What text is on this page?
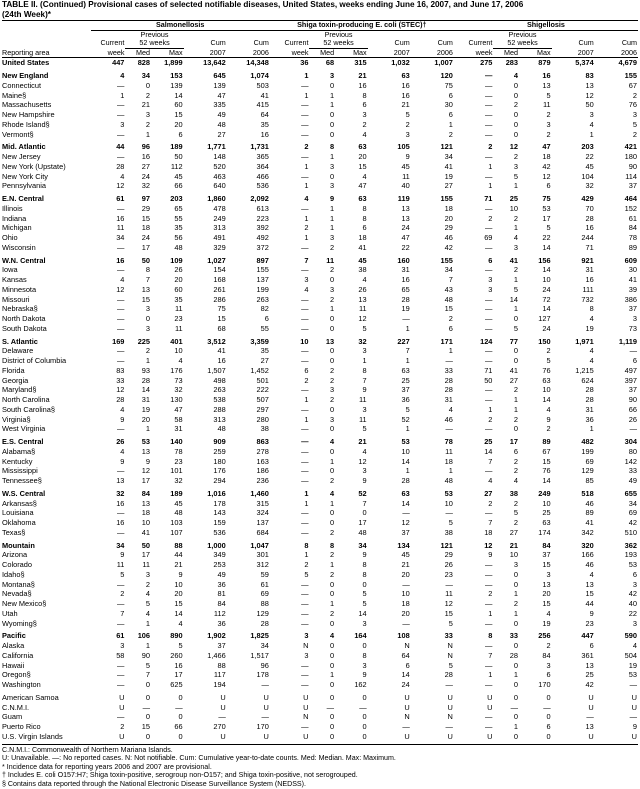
TABLE II. (Continued) Provisional cases of selected notifiable diseases, United States, weeks ending June 16, 2007, and June 17, 2006
(24th Week)*
	Salmonellosis					Shiga toxin-producing E. coli (STEC)†					Shigellosis				
		Previous					Previous					Previous			
	Current	52 weeks		Cum	Cum	Current	52 weeks		Cum	Cum	Current	52 weeks		Cum	Cum
Reporting area	week	Med	Max	2007	2006	week	Med	Max	2007	2006	week	Med	Max	2007	2006
United States	447	828	1,899	13,642	14,348	36	68	315	1,032	1,007	275	283	879	5,374	4,679

New England	4	34	153	645	1,074	1	3	21	63	120	—	4	16	83	155
Connecticut	—	0	139	139	503	—	0	16	16	75	—	0	13	13	67
Maine§	1	2	14	47	41	1	1	8	16	6	—	0	5	12	2
Massachusetts	—	21	60	335	415	—	1	6	21	30	—	2	11	50	76
New Hampshire	—	3	15	49	64	—	0	3	5	6	—	0	2	3	3
Rhode Island§	3	2	20	48	35	—	0	2	2	1	—	0	3	4	5
Vermont§	—	1	6	27	16	—	0	4	3	2	—	0	2	1	2

Mid. Atlantic	44	96	189	1,771	1,731	2	8	63	105	121	2	12	47	203	421
New Jersey	—	16	50	148	365	—	1	20	9	34	—	2	18	22	180
New York (Upstate)	28	27	112	520	364	1	3	15	45	41	1	3	42	45	90
New York City	4	24	45	463	466	—	0	4	11	19	—	5	12	104	114
Pennsylvania	12	32	66	640	536	1	3	47	40	27	1	1	6	32	37

E.N. Central	61	97	203	1,860	2,092	4	9	63	119	155	71	25	75	429	464
Illinois	—	29	65	478	613	—	1	8	13	18	—	10	53	70	152
Indiana	16	15	55	249	223	1	1	8	13	20	2	2	17	28	61
Michigan	11	18	35	313	392	2	1	6	24	29	—	1	5	16	84
Ohio	34	24	56	491	492	1	3	18	47	46	69	4	22	244	78
Wisconsin	—	17	48	329	372	—	2	41	22	42	—	3	14	71	89

W.N. Central	16	50	109	1,027	897	7	11	45	160	155	6	41	156	921	609
Iowa	—	8	26	154	155	—	2	38	31	34	—	2	14	31	30
Kansas	4	7	20	168	137	3	0	4	16	7	3	1	10	16	41
Minnesota	12	13	60	261	199	4	3	26	65	43	3	5	24	111	39
Missouri	—	15	35	286	263	—	2	13	28	48	—	14	72	732	386
Nebraska§	—	3	11	75	82	—	1	11	19	15	—	1	14	8	37
North Dakota	—	0	23	15	6	—	0	12	—	2	—	0	127	4	3
South Dakota	—	3	11	68	55	—	0	5	1	6	—	5	24	19	73

S. Atlantic	169	225	401	3,512	3,359	10	13	32	227	171	124	77	150	1,971	1,119
Delaware	—	2	10	41	35	—	0	3	7	1	—	0	2	4	—
District of Columbia	—	1	4	16	27	—	0	1	1	—	—	0	5	4	6
Florida	83	93	176	1,507	1,452	6	2	8	63	33	71	41	76	1,215	497
Georgia	33	28	73	498	501	2	2	7	25	28	50	27	63	624	397
Maryland§	12	14	32	263	222	—	3	9	37	28	—	2	10	28	37
North Carolina	28	31	130	538	507	1	2	11	36	31	—	1	14	28	90
South Carolina§	4	19	47	288	297	—	0	3	5	4	1	1	4	31	66
Virginia§	9	20	58	313	280	1	3	11	52	46	2	2	9	36	26
West Virginia	—	1	31	48	38	—	0	5	1	—	—	0	2	1	—

E.S. Central	26	53	140	909	863	—	4	21	53	78	25	17	89	482	304
Alabama§	4	13	78	259	278	—	0	4	10	11	14	6	67	199	80
Kentucky	9	9	23	180	163	—	1	12	14	18	7	2	15	69	142
Mississippi	—	12	101	176	186	—	0	3	1	1	—	2	76	129	33
Tennessee§	13	17	32	294	236	—	2	9	28	48	4	4	14	85	49

W.S. Central	32	84	189	1,016	1,460	1	4	52	63	53	27	38	249	518	655
Arkansas§	16	13	45	178	315	1	1	7	14	10	2	2	10	46	34
Louisiana	—	18	48	143	324	—	0	0	—	—	—	5	25	89	69
Oklahoma	16	10	103	159	137	—	0	17	12	5	7	2	63	41	42
Texas§	—	41	107	536	684	—	2	48	37	38	18	27	174	342	510

Mountain	34	50	88	1,000	1,047	8	8	34	134	121	12	21	84	320	362
Arizona	9	17	44	349	301	1	2	9	45	29	9	10	37	166	193
Colorado	11	11	21	253	312	2	1	8	21	26	—	3	15	46	53
Idaho§	5	3	9	49	59	5	2	8	20	23	—	0	3	4	6
Montana§	—	2	10	36	61	—	0	0	—	—	—	0	13	13	3
Nevada§	2	4	20	81	69	—	0	5	10	11	2	1	20	15	42
New Mexico§	—	5	15	84	88	—	1	5	18	12	—	2	15	44	40
Utah	7	4	14	112	129	—	2	14	20	15	1	1	4	9	22
Wyoming§	—	1	4	36	28	—	0	3	—	5	—	0	19	23	3

Pacific	61	106	890	1,902	1,825	3	4	164	108	33	8	33	256	447	590
Alaska	3	1	5	37	34	N	0	0	N	N	—	0	2	6	4
California	58	90	260	1,466	1,517	3	0	8	64	N	7	28	84	361	504
Hawaii	—	5	16	88	96	—	0	3	6	5	—	0	3	13	19
Oregon§	—	7	17	117	178	—	1	9	14	28	1	1	6	25	53
Washington	—	0	625	194	—	—	0	162	24	—	—	0	170	42	—

American Samoa	U	0	0	U	U	U	0	0	U	U	U	0	0	U	U
C.N.M.I.	U	—	—	U	U	U	—	—	U	U	U	—	—	U	U
Guam	—	0	0	—	—	N	0	0	N	N	—	0	0	—	—
Puerto Rico	2	15	66	270	170	—	0	0	—	—	—	1	6	13	9
U.S. Virgin Islands	U	0	0	U	U	U	0	0	U	U	U	0	0	U	U
C.N.M.I.: Commonwealth of Northern Mariana Islands.
U: Unavailable. —: No reported cases. N: Not notifiable. Cum: Cumulative year-to-date counts. Med: Median. Max: Maximum.
* Incidence data for reporting years 2006 and 2007 are provisional.
† Includes E. coli O157:H7; Shiga toxin-positive, serogroup non-O157; and Shiga toxin-positive, not serogrouped.
§ Contains data reported through the National Electronic Disease Surveillance System (NEDSS).
